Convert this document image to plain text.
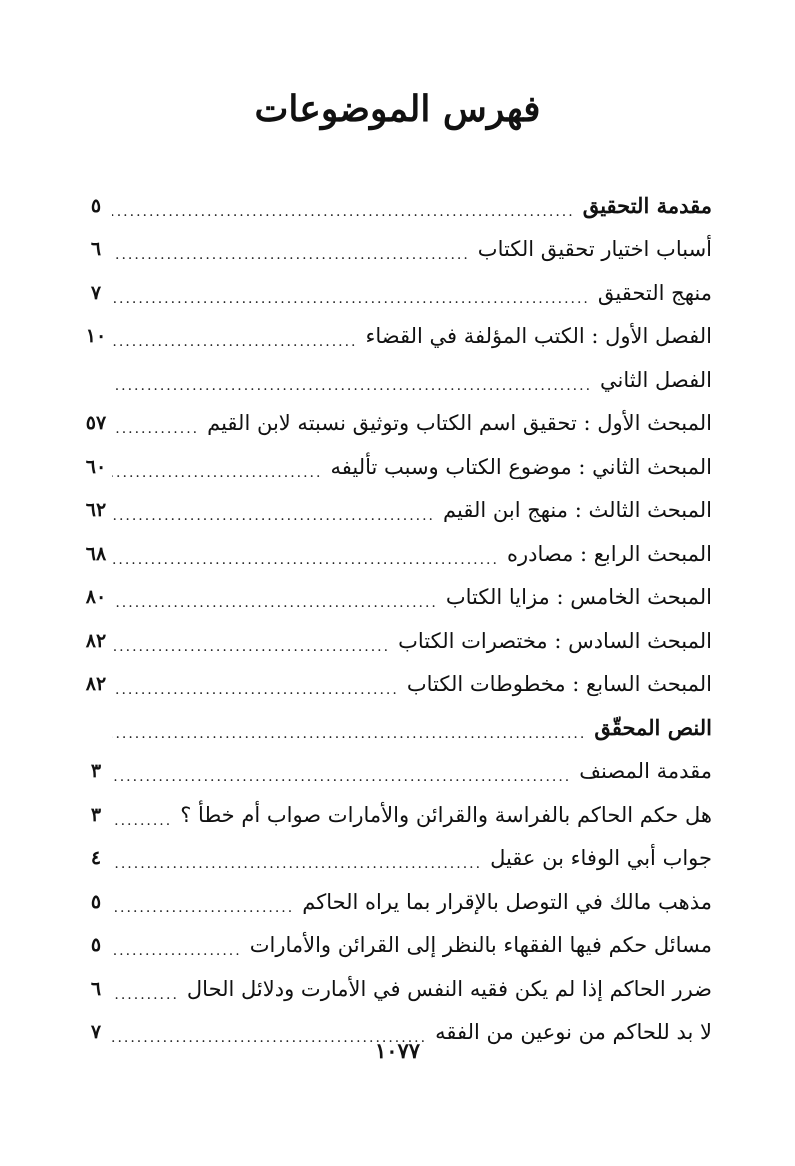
فهرس الموضوعات
مقدمة التحقيق
.....
٥
أسباب اختيار تحقيق الكتاب
.....
٦
منهج التحقيق
.....
٧
الفصل الأول : الكتب المؤلفة في القضاء
.....
١٠
الفصل الثاني
.....
المبحث الأول : تحقيق اسم الكتاب وتوثيق نسبته لابن القيم
.....
٥٧
المبحث الثاني : موضوع الكتاب وسبب تأليفه
.....
٦٠
المبحث الثالث : منهج ابن القيم
.....
٦٢
المبحث الرابع : مصادره
.....
٦٨
المبحث الخامس : مزايا الكتاب
.....
٨٠
المبحث السادس : مختصرات الكتاب
.....
٨٢
المبحث السابع : مخطوطات الكتاب
.....
٨٢
النص المحقّق
.....
مقدمة المصنف
.....
٣
هل حكم الحاكم بالفراسة والقرائن والأمارات صواب أم خطأ ؟
.....
٣
جواب أبي الوفاء بن عقيل
.....
٤
مذهب مالك في التوصل بالإقرار بما يراه الحاكم
.....
٥
مسائل حكم فيها الفقهاء بالنظر إلى القرائن والأمارات
.....
٥
ضرر الحاكم إذا لم يكن فقيه النفس في الأمارت ودلائل الحال
.....
٦
لا بد للحاكم من نوعين من الفقه
.....
٧
١٠٧٧
